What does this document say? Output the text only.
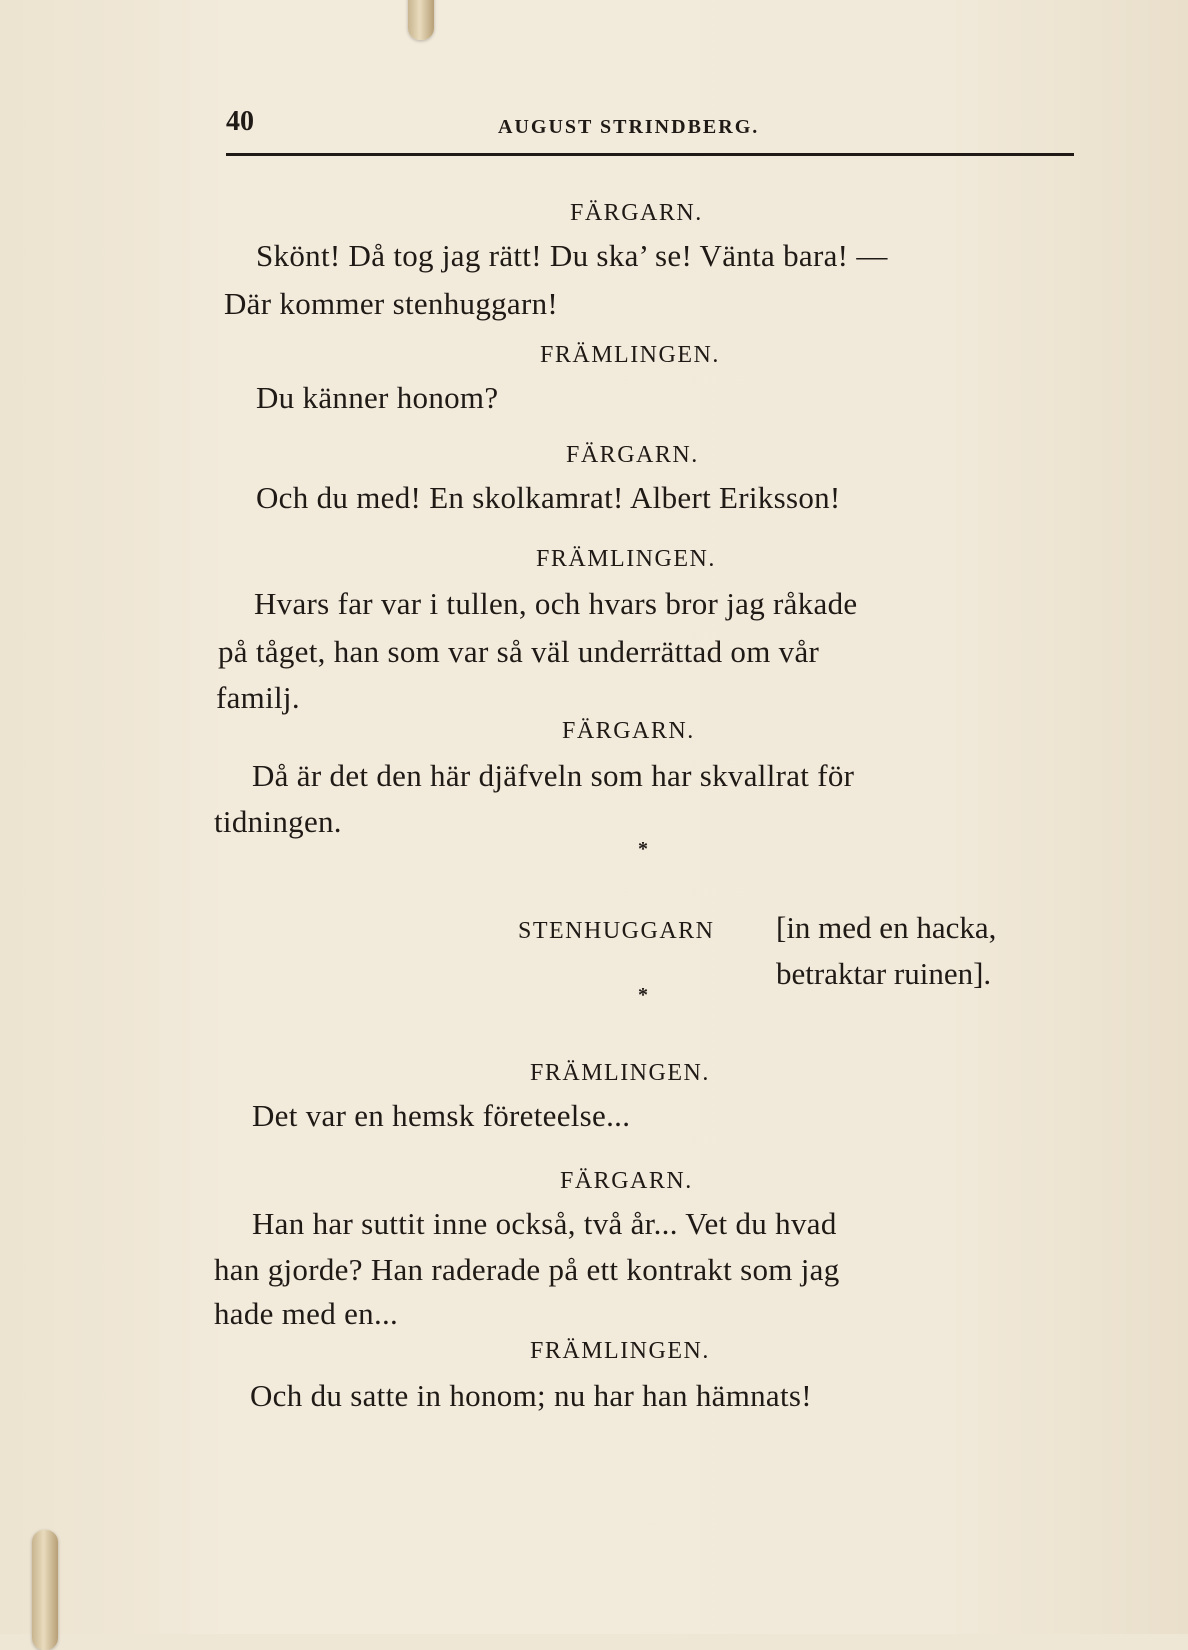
40	AUGUST STRINDBERG.
FÄRGARN.
Skönt! Då tog jag rätt! Du ska’ se! Vänta bara! —
Där kommer stenhuggarn!
FRÄMLINGEN.
Du känner honom?
FÄRGARN.
Och du med! En skolkamrat! Albert Eriksson!
FRÄMLINGEN.
Hvars far var i tullen, och hvars bror jag råkade
på tåget, han som var så väl underrättad om vår
familj.
FÄRGARN.
Då är det den här djäfveln som har skvallrat för
tidningen.
*
STENHUGGARN [in med en hacka,
betraktar ruinen].
*
FRÄMLINGEN.
Det var en hemsk företeelse...
FÄRGARN.
Han har suttit inne också, två år... Vet du hvad
han gjorde? Han raderade på ett kontrakt som jag
hade med en...
FRÄMLINGEN.
Och du satte in honom; nu har han hämnats!
